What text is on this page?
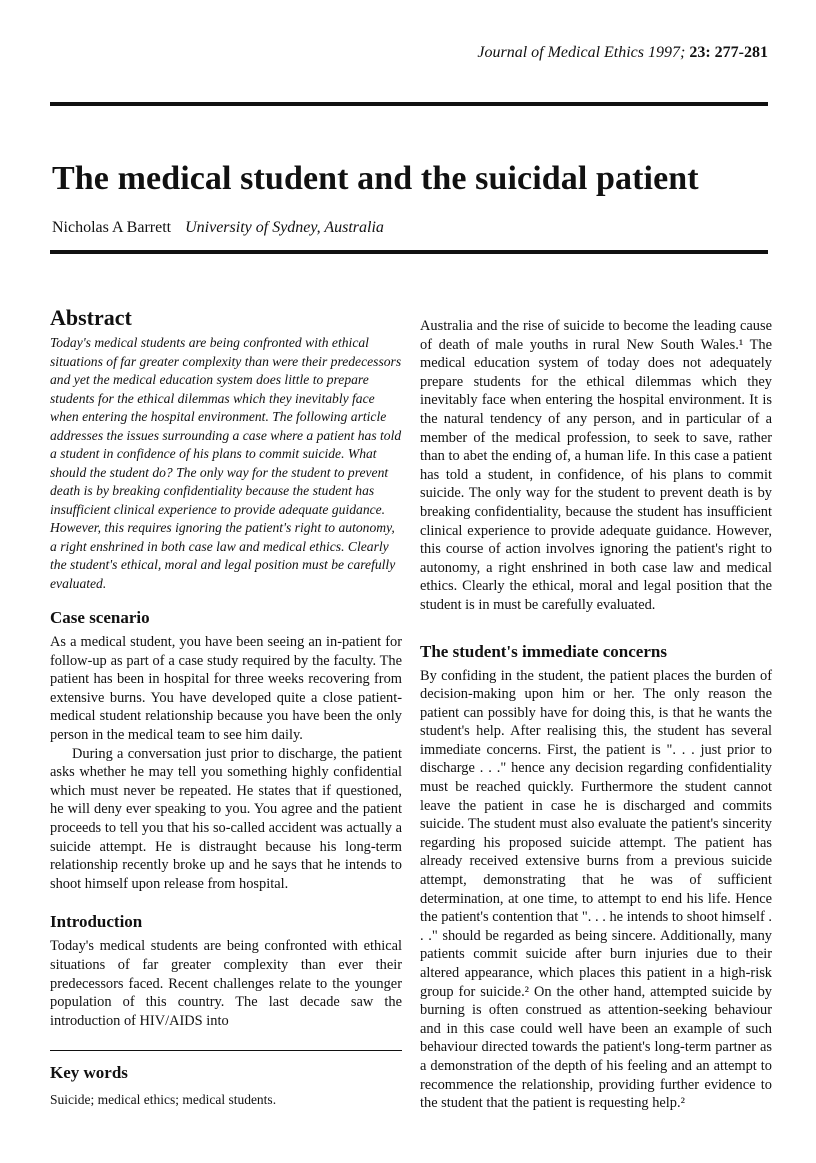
Journal of Medical Ethics 1997; 23: 277-281
The medical student and the suicidal patient
Nicholas A Barrett University of Sydney, Australia
Abstract

Today's medical students are being confronted with ethical situations of far greater complexity than were their predecessors and yet the medical education system does little to prepare students for the ethical dilemmas which they inevitably face when entering the hospital environment. The following article addresses the issues surrounding a case where a patient has told a student in confidence of his plans to commit suicide. What should the student do? The only way for the student to prevent death is by breaking confidentiality because the student has insufficient clinical experience to provide adequate guidance. However, this requires ignoring the patient's right to autonomy, a right enshrined in both case law and medical ethics. Clearly the student's ethical, moral and legal position must be carefully evaluated.

Case scenario

As a medical student, you have been seeing an in-patient for follow-up as part of a case study required by the faculty. The patient has been in hospital for three weeks recovering from extensive burns. You have developed quite a close patient-medical student relationship because you have been the only person in the medical team to see him daily.

During a conversation just prior to discharge, the patient asks whether he may tell you something highly confidential which must never be repeated. He states that if questioned, he will deny ever speaking to you. You agree and the patient proceeds to tell you that his so-called accident was actually a suicide attempt. He is distraught because his long-term relationship recently broke up and he says that he intends to shoot himself upon release from hospital.

Introduction

Today's medical students are being confronted with ethical situations of far greater complexity than ever their predecessors faced. Recent challenges relate to the younger population of this country. The last decade saw the introduction of HIV/AIDS into

Key words

Suicide; medical ethics; medical students.

Australia and the rise of suicide to become the leading cause of death of male youths in rural New South Wales.¹ The medical education system of today does not adequately prepare students for the ethical dilemmas which they inevitably face when entering the hospital environment. It is the natural tendency of any person, and in particular of a member of the medical profession, to seek to save, rather than to abet the ending of, a human life. In this case a patient has told a student, in confidence, of his plans to commit suicide. The only way for the student to prevent death is by breaking confidentiality, because the student has insufficient clinical experience to provide adequate guidance. However, this course of action involves ignoring the patient's right to autonomy, a right enshrined in both case law and medical ethics. Clearly the ethical, moral and legal position that the student is in must be carefully evaluated.

The student's immediate concerns

By confiding in the student, the patient places the burden of decision-making upon him or her. The only reason the patient can possibly have for doing this, is that he wants the student's help. After realising this, the student has several immediate concerns. First, the patient is ". . . just prior to discharge . . ." hence any decision regarding confidentiality must be reached quickly. Furthermore the student cannot leave the patient in case he is discharged and commits suicide. The student must also evaluate the patient's sincerity regarding his proposed suicide attempt. The patient has already received extensive burns from a previous suicide attempt, demonstrating that he was of sufficient determination, at one time, to attempt to end his life. Hence the patient's contention that ". . . he intends to shoot himself . . ." should be regarded as being sincere. Additionally, many patients commit suicide after burn injuries due to their altered appearance, which places this patient in a high-risk group for suicide.² On the other hand, attempted suicide by burning is often construed as attention-seeking behaviour and in this case could well have been an example of such behaviour directed towards the patient's long-term partner as a demonstration of the depth of his feeling and an attempt to recommence the relationship, providing further evidence to the student that the patient is requesting help.²
